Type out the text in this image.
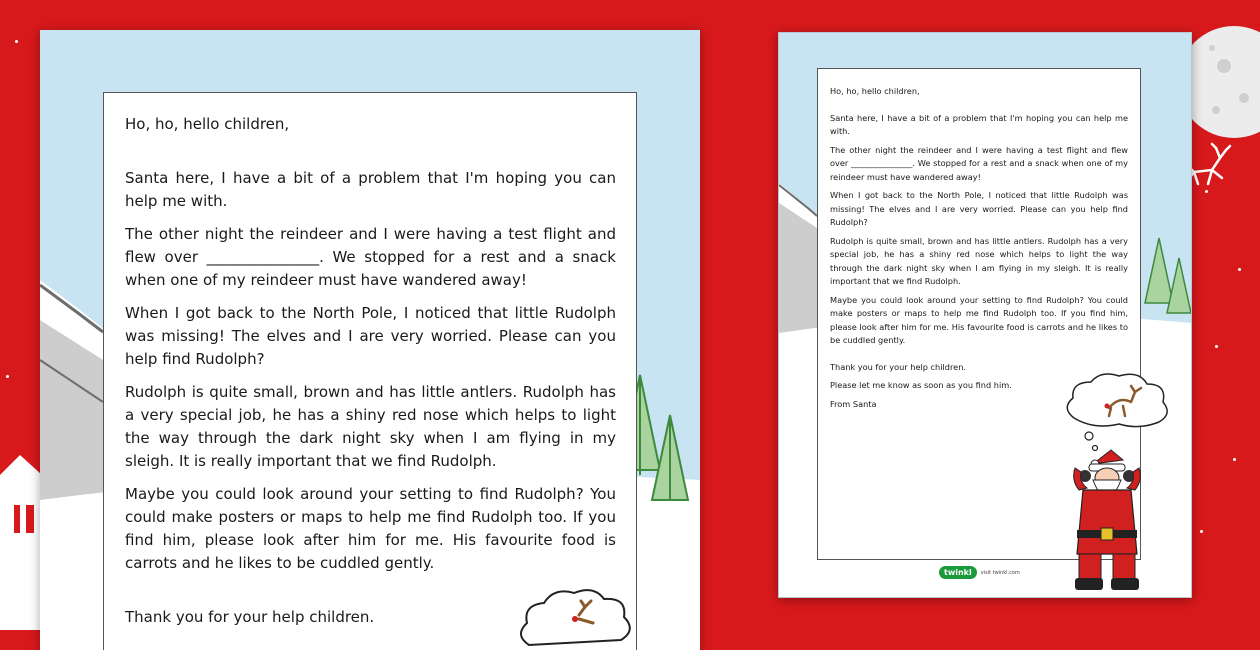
Ho, ho, hello children,

Santa here, I have a bit of a problem that I'm hoping you can help me with.

The other night the reindeer and I were having a test flight and flew over _______________. We stopped for a rest and a snack when one of my reindeer must have wandered away!

When I got back to the North Pole, I noticed that little Rudolph was missing! The elves and I are very worried. Please can you help find Rudolph?

Rudolph is quite small, brown and has little antlers. Rudolph has a very special job, he has a shiny red nose which helps to light the way through the dark night sky when I am flying in my sleigh. It is really important that we find Rudolph.

Maybe you could look around your setting to find Rudolph? You could make posters or maps to help me find Rudolph too. If you find him, please look after him for me. His favourite food is carrots and he likes to be cuddled gently.

Thank you for your help children.

Ho, ho, hello children,

Santa here, I have a bit of a problem that I'm hoping you can help me with.

The other night the reindeer and I were having a test flight and flew over _______________. We stopped for a rest and a snack when one of my reindeer must have wandered away!

When I got back to the North Pole, I noticed that little Rudolph was missing! The elves and I are very worried. Please can you help find Rudolph?

Rudolph is quite small, brown and has little antlers. Rudolph has a very special job, he has a shiny red nose which helps to light the way through the dark night sky when I am flying in my sleigh. It is really important that we find Rudolph.

Maybe you could look around your setting to find Rudolph? You could make posters or maps to help me find Rudolph too. If you find him, please look after him for me. His favourite food is carrots and he likes to be cuddled gently.

Thank you for your help children.

Please let me know as soon as you find him.

From Santa

twinkl	visit twinkl.com
